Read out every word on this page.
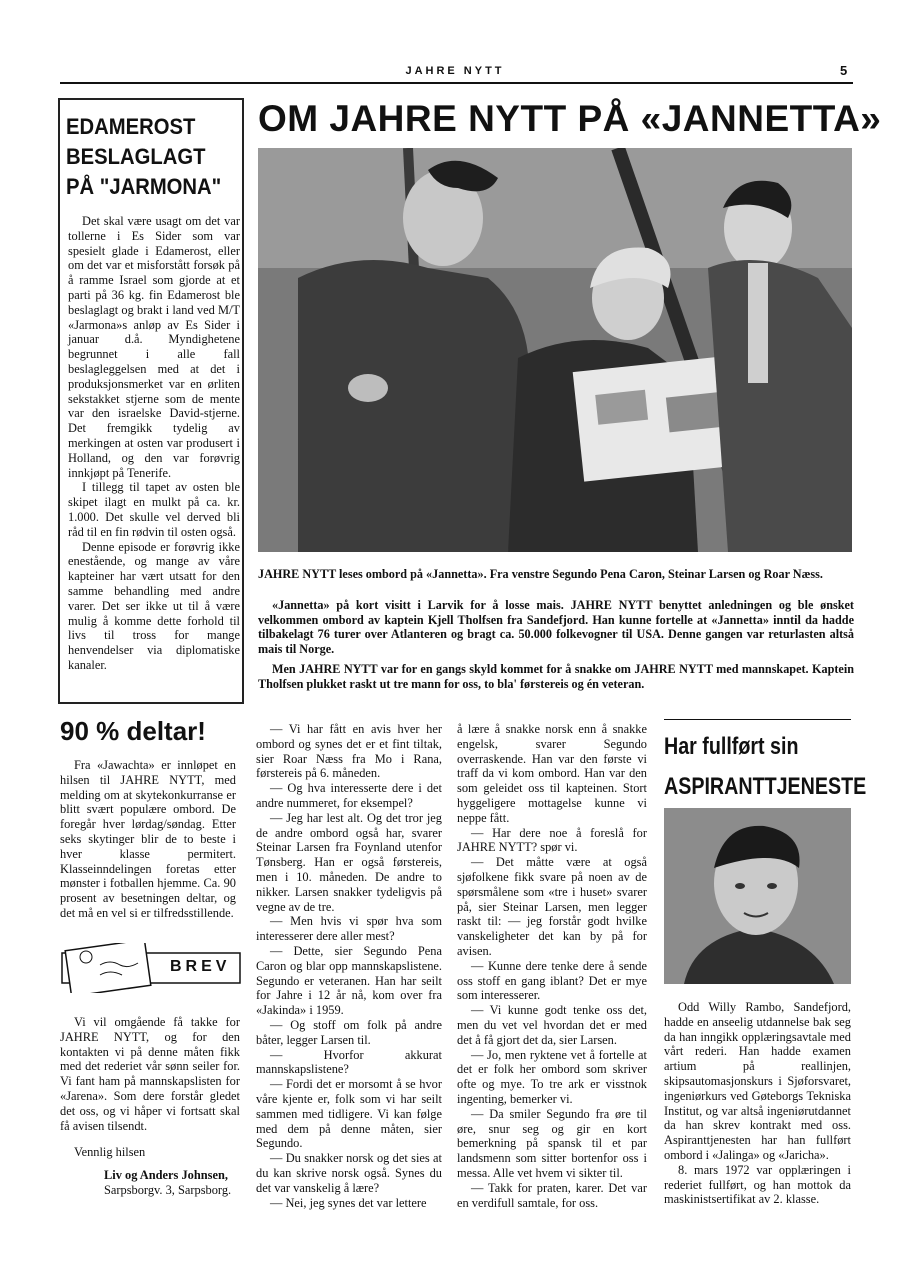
JAHRE NYTT	5
EDAMEROST
BESLAGLAGT
PÅ "JARMONA"

Det skal være usagt om det var tollerne i Es Sider som var spesielt glade i Edamerost, eller om det var et misforstått forsøk på å ramme Israel som gjorde at et parti på 36 kg. fin Edamerost ble beslaglagt og brakt i land ved M/T «Jarmona»s anløp av Es Sider i januar d.å. Myndighetene begrunnet i alle fall beslagleggelsen med at det i produksjonsmerket var en ørliten sekstakket stjerne som de mente var den israelske David-stjerne. Det fremgikk tydelig av merkingen at osten var produsert i Holland, og den var forøvrig innkjøpt på Tenerife.

I tillegg til tapet av osten ble skipet ilagt en mulkt på ca. kr. 1.000. Det skulle vel derved bli råd til en fin rødvin til osten også.

Denne episode er forøvrig ikke enestående, og mange av våre kapteiner har vært utsatt for den samme behandling med andre varer. Det ser ikke ut til å være mulig å komme dette forhold til livs til tross for mange henvendelser via diplomatiske kanaler.

OM JAHRE NYTT PÅ «JANNETTA»
JAHRE NYTT leses ombord på «Jannetta». Fra venstre Segundo Pena Caron, Steinar Larsen og Roar Næss.

«Jannetta» på kort visitt i Larvik for å losse mais. JAHRE NYTT benyttet anledningen og ble ønsket velkommen ombord av kaptein Kjell Tholfsen fra Sandefjord. Han kunne fortelle at «Jannetta» inntil da hadde tilbakelagt 76 turer over Atlanteren og bragt ca. 50.000 folkevogner til USA. Denne gangen var returlasten altså mais til Norge.

Men JAHRE NYTT var for en gangs skyld kommet for å snakke om JAHRE NYTT med mannskapet. Kaptein Tholfsen plukket raskt ut tre mann for oss, to bla' førstereis og én veteran.

90 % deltar!

Fra «Jawachta» er innløpet en hilsen til JAHRE NYTT, med melding om at skytekonkurranse er blitt svært populære ombord. De foregår hver lørdag/søndag. Etter seks skytinger blir de to beste i hver klasse permitert. Klasseinndelingen foretas etter mønster i fotballen hjemme. Ca. 90 prosent av besetningen deltar, og det må en vel si er tilfredsstillende.

BREV

Vi vil omgående få takke for JAHRE NYTT, og for den kontakten vi på denne måten fikk med det rederiet vår sønn seiler for. Vi fant ham på mannskapslisten for «Jarena». Som dere forstår gledet det oss, og vi håper vi fortsatt skal få avisen tilsendt.

Vennlig hilsen

Liv og Anders Johnsen,
Sarpsborgv. 3, Sarpsborg.

— Vi har fått en avis hver her ombord og synes det er et fint tiltak, sier Roar Næss fra Mo i Rana, førstereis på 6. måneden.

— Og hva interesserte dere i det andre nummeret, for eksempel?

— Jeg har lest alt. Og det tror jeg de andre ombord også har, svarer Steinar Larsen fra Foynland utenfor Tønsberg. Han er også førstereis, men i 10. måneden. De andre to nikker. Larsen snakker tydeligvis på vegne av de tre.

— Men hvis vi spør hva som interesserer dere aller mest?

— Dette, sier Segundo Pena Caron og blar opp mannskapslistene. Segundo er veteranen. Han har seilt for Jahre i 12 år nå, kom over fra «Jakinda» i 1959.

— Og stoff om folk på andre båter, legger Larsen til.

— Hvorfor akkurat mannskapslistene?

— Fordi det er morsomt å se hvor våre kjente er, folk som vi har seilt sammen med tidligere. Vi kan følge med dem på denne måten, sier Segundo.

— Du snakker norsk og det sies at du kan skrive norsk også. Synes du det var vanskelig å lære?

— Nei, jeg synes det var lettere

å lære å snakke norsk enn å snakke engelsk, svarer Segundo overraskende. Han var den første vi traff da vi kom ombord. Han var den som geleidet oss til kapteinen. Stort hyggeligere mottagelse kunne vi neppe fått.

— Har dere noe å foreslå for JAHRE NYTT? spør vi.

— Det måtte være at også sjøfolkene fikk svare på noen av de spørsmålene som «tre i huset» svarer på, sier Steinar Larsen, men legger raskt til: — jeg forstår godt hvilke vanskeligheter det kan by på for avisen.

— Kunne dere tenke dere å sende oss stoff en gang iblant? Det er mye som interesserer.

— Vi kunne godt tenke oss det, men du vet vel hvordan det er med det å få gjort det da, sier Larsen.

— Jo, men ryktene vet å fortelle at det er folk her ombord som skriver ofte og mye. To tre ark er visstnok ingenting, bemerker vi.

— Da smiler Segundo fra øre til øre, snur seg og gir en kort bemerkning på spansk til et par landsmenn som sitter bortenfor oss i messa. Alle vet hvem vi sikter til.

— Takk for praten, karer. Det var en verdifull samtale, for oss.

Har fullført sin
ASPIRANTTJENESTE

Odd Willy Rambo, Sandefjord, hadde en anseelig utdannelse bak seg da han inngikk opplæringsavtale med vårt rederi. Han hadde examen artium på reallinjen, skipsautomasjonskurs i Sjøforsvaret, ingeniørkurs ved Gøteborgs Tekniska Institut, og var altså ingeniørutdannet da han skrev kontrakt med oss. Aspiranttjenesten har han fullført ombord i «Jalinga» og «Jaricha».

8. mars 1972 var opplæringen i rederiet fullført, og han mottok da maskinistsertifikat av 2. klasse.
